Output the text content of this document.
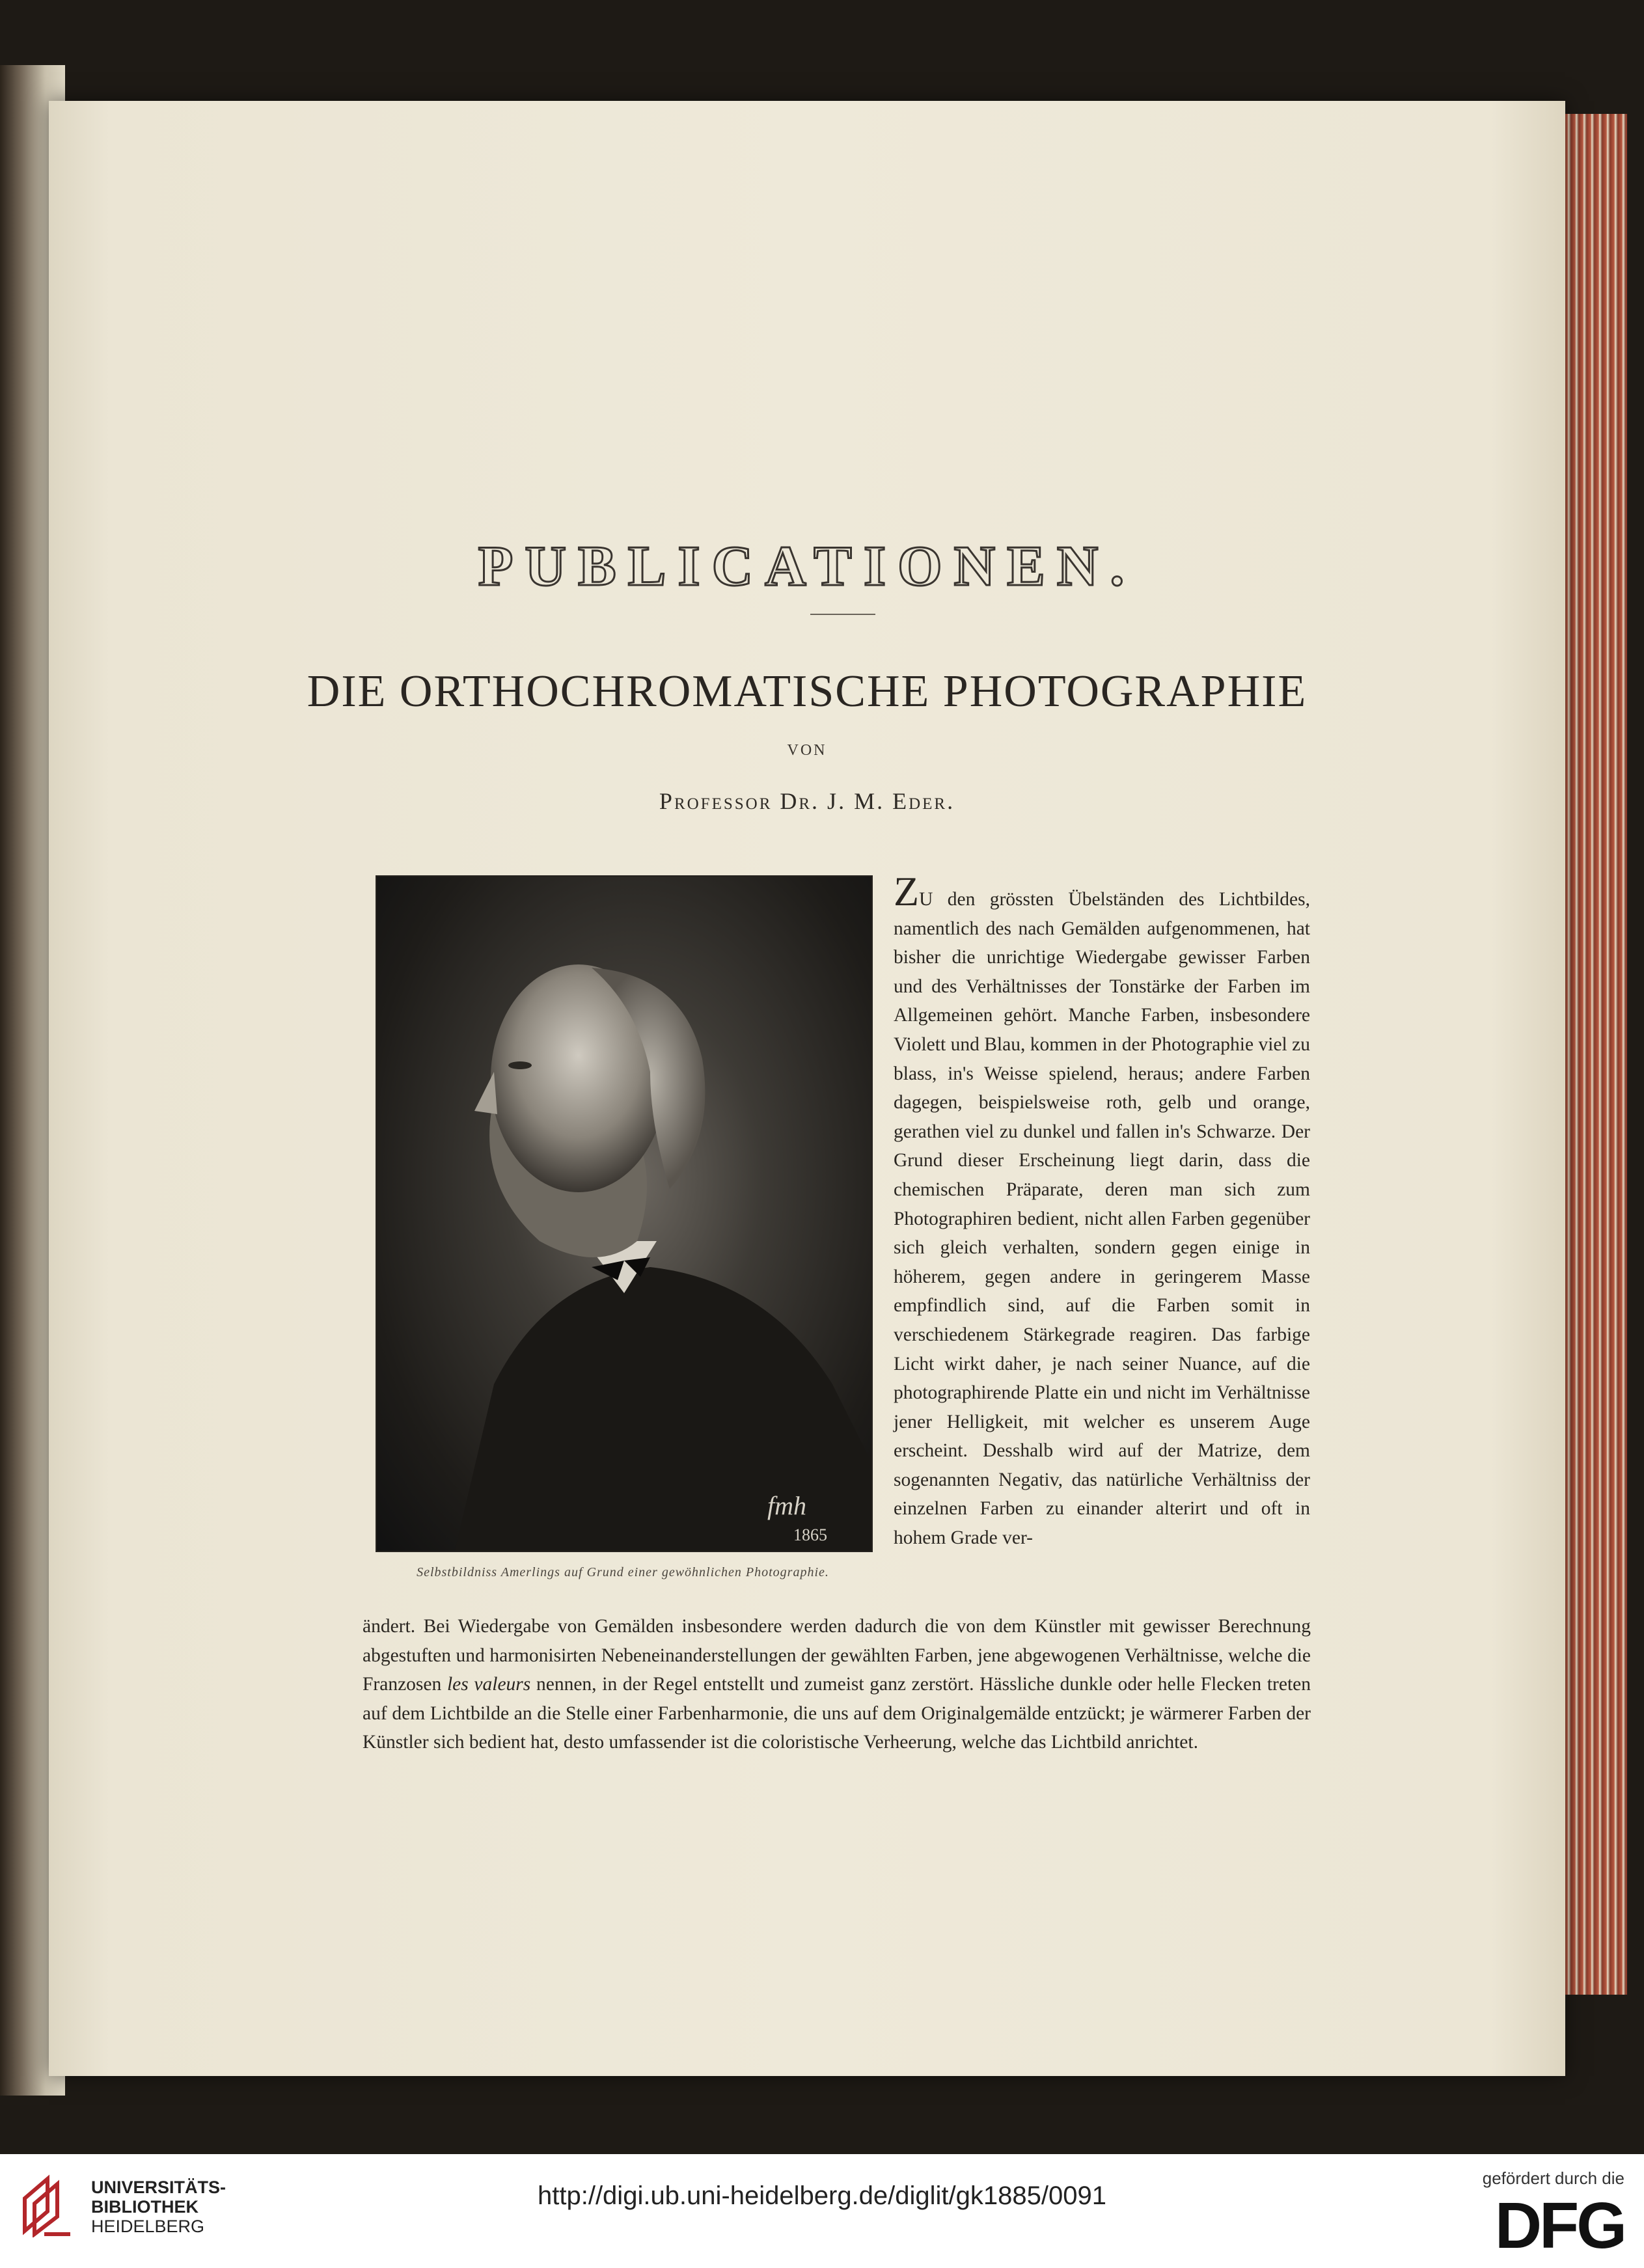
PUBLICATIONEN.
DIE ORTHOCHROMATISCHE PHOTOGRAPHIE
VON
Professor Dr. J. M. Eder.
fmh
1865
Selbstbildniss Amerlings auf Grund einer gewöhnlichen Photographie.
ZU den grössten Übelständen des Lichtbildes, namentlich des nach Gemälden aufgenommenen, hat bisher die unrichtige Wiedergabe gewisser Farben und des Verhältnisses der Tonstärke der Farben im Allgemeinen gehört. Manche Farben, insbesondere Violett und Blau, kommen in der Photographie viel zu blass, in's Weisse spielend, heraus; andere Farben dagegen, beispielsweise roth, gelb und orange, gerathen viel zu dunkel und fallen in's Schwarze. Der Grund dieser Erscheinung liegt darin, dass die chemischen Präparate, deren man sich zum Photographiren bedient, nicht allen Farben gegenüber sich gleich verhalten, sondern gegen einige in höherem, gegen andere in geringerem Masse empfindlich sind, auf die Farben somit in verschiedenem Stärkegrade reagiren. Das farbige Licht wirkt daher, je nach seiner Nuance, auf die photographirende Platte ein und nicht im Verhältnisse jener Helligkeit, mit welcher es unserem Auge erscheint. Desshalb wird auf der Matrize, dem sogenannten Negativ, das natürliche Verhältniss der einzelnen Farben zu einander alterirt und oft in hohem Grade ver-
ändert. Bei Wiedergabe von Gemälden insbesondere werden dadurch die von dem Künstler mit gewisser Berechnung abgestuften und harmonisirten Nebeneinanderstellungen der gewählten Farben, jene abgewogenen Verhältnisse, welche die Franzosen les valeurs nennen, in der Regel entstellt und zumeist ganz zerstört. Hässliche dunkle oder helle Flecken treten auf dem Lichtbilde an die Stelle einer Farbenharmonie, die uns auf dem Originalgemälde entzückt; je wärmerer Farben der Künstler sich bedient hat, desto umfassender ist die coloristische Verheerung, welche das Lichtbild anrichtet.
UNIVERSITÄTS-
BIBLIOTHEK
HEIDELBERG
http://digi.ub.uni-heidelberg.de/diglit/gk1885/0091
gefördert durch die
DFG
